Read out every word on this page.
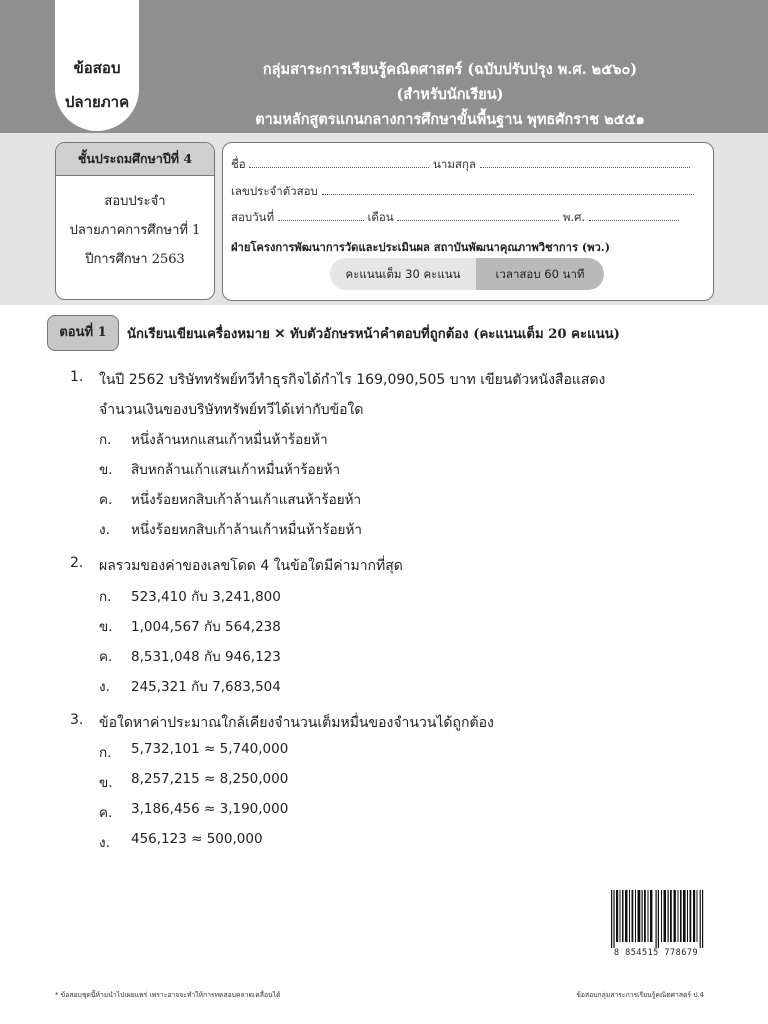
ข้อสอบ
ปลายภาค
กลุ่มสาระการเรียนรู้คณิตศาสตร์ (ฉบับปรับปรุง พ.ศ. ๒๕๖๐)
(สำหรับนักเรียน)
ตามหลักสูตรแกนกลางการศึกษาขั้นพื้นฐาน พุทธศักราช ๒๕๕๑
ชั้นประถมศึกษาปีที่ 4
สอบประจำ
ปลายภาคการศึกษาที่ 1
ปีการศึกษา 2563
ชื่อ	นามสกุล
เลขประจำตัวสอบ
สอบวันที่	เดือน	พ.ศ.
ฝ่ายโครงการพัฒนาการวัดและประเมินผล สถาบันพัฒนาคุณภาพวิชาการ (พว.)
คะแนนเต็ม 30 คะแนน	เวลาสอบ 60 นาที
ตอนที่ 1	นักเรียนเขียนเครื่องหมาย ✕ ทับตัวอักษรหน้าคำตอบที่ถูกต้อง (คะแนนเต็ม 20 คะแนน)
1. ในปี 2562 บริษัททรัพย์ทวีทำธุรกิจได้กำไร 169,090,505 บาท เขียนตัวหนังสือแสดง
จำนวนเงินของบริษัททรัพย์ทวีได้เท่ากับข้อใด
ก. หนึ่งล้านหกแสนเก้าหมื่นห้าร้อยห้า
ข. สิบหกล้านเก้าแสนเก้าหมื่นห้าร้อยห้า
ค. หนึ่งร้อยหกสิบเก้าล้านเก้าแสนห้าร้อยห้า
ง. หนึ่งร้อยหกสิบเก้าล้านเก้าหมื่นห้าร้อยห้า
2. ผลรวมของค่าของเลขโดด 4 ในข้อใดมีค่ามากที่สุด
ก. 523,410 กับ 3,241,800
ข. 1,004,567 กับ 564,238
ค. 8,531,048 กับ 946,123
ง. 245,321 กับ 7,683,504
3. ข้อใดหาค่าประมาณใกล้เคียงจำนวนเต็มหมื่นของจำนวนได้ถูกต้อง
ก. 5,732,101 ≈ 5,740,000
ข. 8,257,215 ≈ 8,250,000
ค. 3,186,456 ≈ 3,190,000
ง. 456,123 ≈ 500,000
8 854515 778679
* ข้อสอบชุดนี้ห้ามนำไปเผยแพร่ เพราะอาจจะทำให้การทดสอบคลาดเคลื่อนได้	ข้อสอบกลุ่มสาระการเรียนรู้คณิตศาสตร์ ป.4
